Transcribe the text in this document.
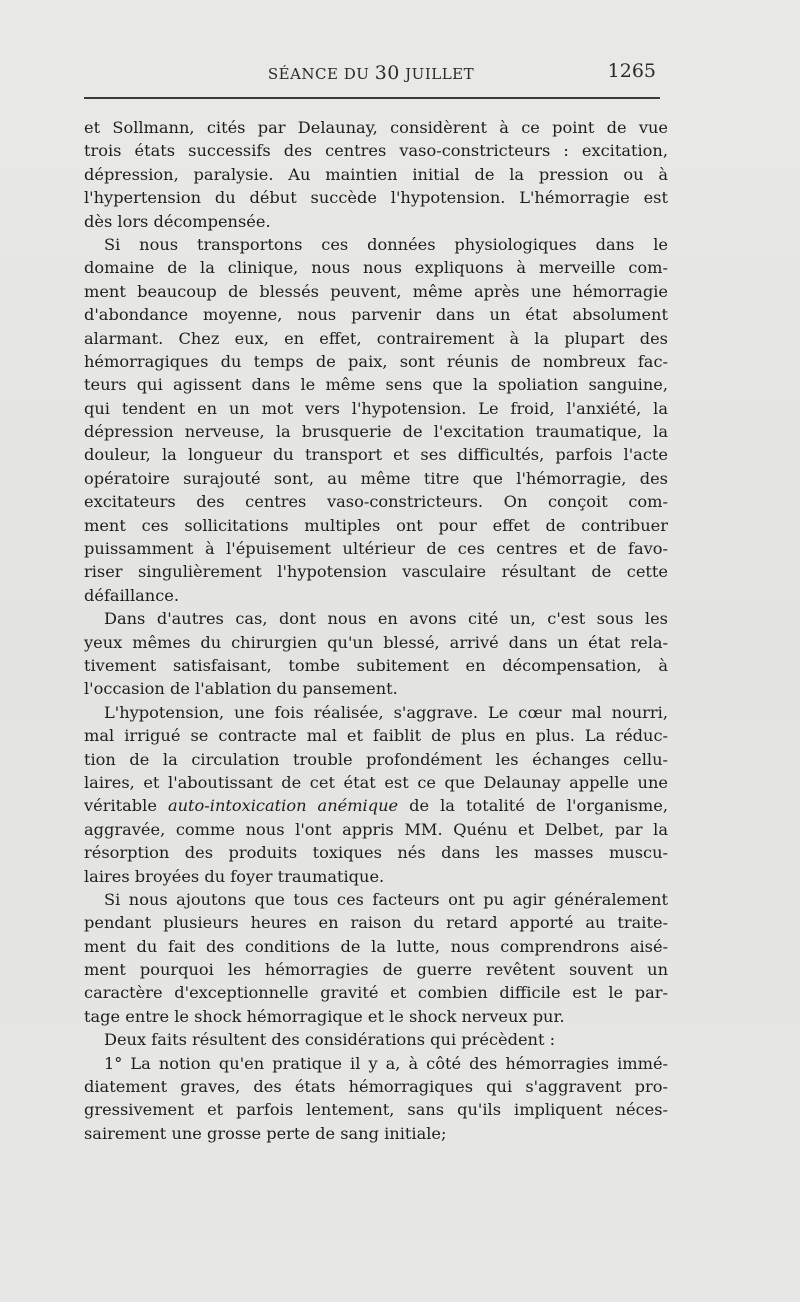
SÉANCE DU 30 JUILLET	1265
et Sollmann, cités par Delaunay, considèrent à ce point de vue
trois états successifs des centres vaso-constricteurs : excitation,
dépression, paralysie. Au maintien initial de la pression ou à
l'hypertension du début succède l'hypotension. L'hémorragie est
dès lors décompensée.
Si nous transportons ces données physiologiques dans le
domaine de la clinique, nous nous expliquons à merveille com-
ment beaucoup de blessés peuvent, même après une hémorragie
d'abondance moyenne, nous parvenir dans un état absolument
alarmant. Chez eux, en effet, contrairement à la plupart des
hémorragiques du temps de paix, sont réunis de nombreux fac-
teurs qui agissent dans le même sens que la spoliation sanguine,
qui tendent en un mot vers l'hypotension. Le froid, l'anxiété, la
dépression nerveuse, la brusquerie de l'excitation traumatique, la
douleur, la longueur du transport et ses difficultés, parfois l'acte
opératoire surajouté sont, au même titre que l'hémorragie, des
excitateurs des centres vaso-constricteurs. On conçoit com-
ment ces sollicitations multiples ont pour effet de contribuer
puissamment à l'épuisement ultérieur de ces centres et de favo-
riser singulièrement l'hypotension vasculaire résultant de cette
défaillance.
Dans d'autres cas, dont nous en avons cité un, c'est sous les
yeux mêmes du chirurgien qu'un blessé, arrivé dans un état rela-
tivement satisfaisant, tombe subitement en décompensation, à
l'occasion de l'ablation du pansement.
L'hypotension, une fois réalisée, s'aggrave. Le cœur mal nourri,
mal irrigué se contracte mal et faiblit de plus en plus. La réduc-
tion de la circulation trouble profondément les échanges cellu-
laires, et l'aboutissant de cet état est ce que Delaunay appelle une
véritable auto-intoxication anémique de la totalité de l'organisme,
aggravée, comme nous l'ont appris MM. Quénu et Delbet, par la
résorption des produits toxiques nés dans les masses muscu-
laires broyées du foyer traumatique.
Si nous ajoutons que tous ces facteurs ont pu agir généralement
pendant plusieurs heures en raison du retard apporté au traite-
ment du fait des conditions de la lutte, nous comprendrons aisé-
ment pourquoi les hémorragies de guerre revêtent souvent un
caractère d'exceptionnelle gravité et combien difficile est le par-
tage entre le shock hémorragique et le shock nerveux pur.
Deux faits résultent des considérations qui précèdent :
1° La notion qu'en pratique il y a, à côté des hémorragies immé-
diatement graves, des états hémorragiques qui s'aggravent pro-
gressivement et parfois lentement, sans qu'ils impliquent néces-
sairement une grosse perte de sang initiale;
